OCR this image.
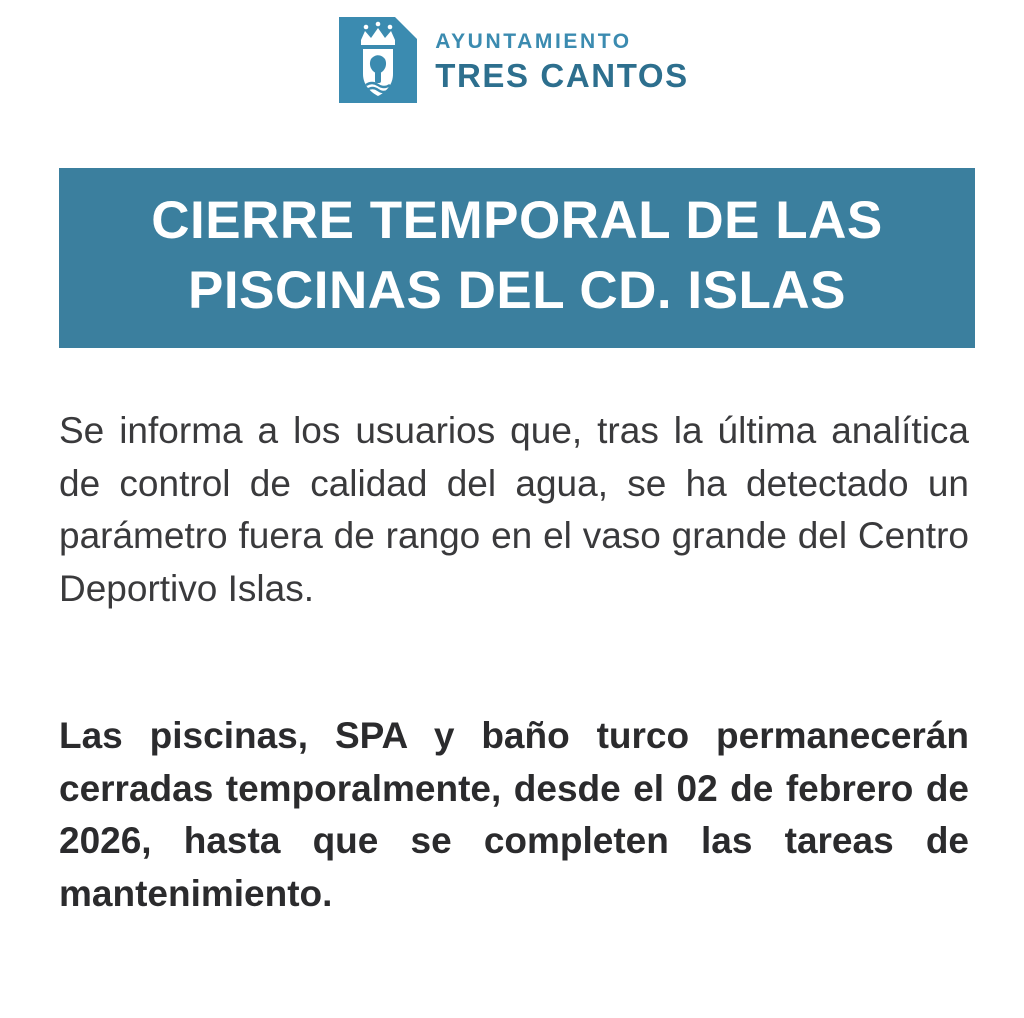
AYUNTAMIENTO
TRES CANTOS
CIERRE TEMPORAL DE LAS
PISCINAS DEL CD. ISLAS

Se informa a los usuarios que, tras la última analítica de control de calidad del agua, se ha detectado un parámetro fuera de rango en el vaso grande del Centro Deportivo Islas.

Las piscinas, SPA y baño turco permanecerán cerradas temporalmente, desde el 02 de febrero de 2026, hasta que se completen las tareas de mantenimiento.
